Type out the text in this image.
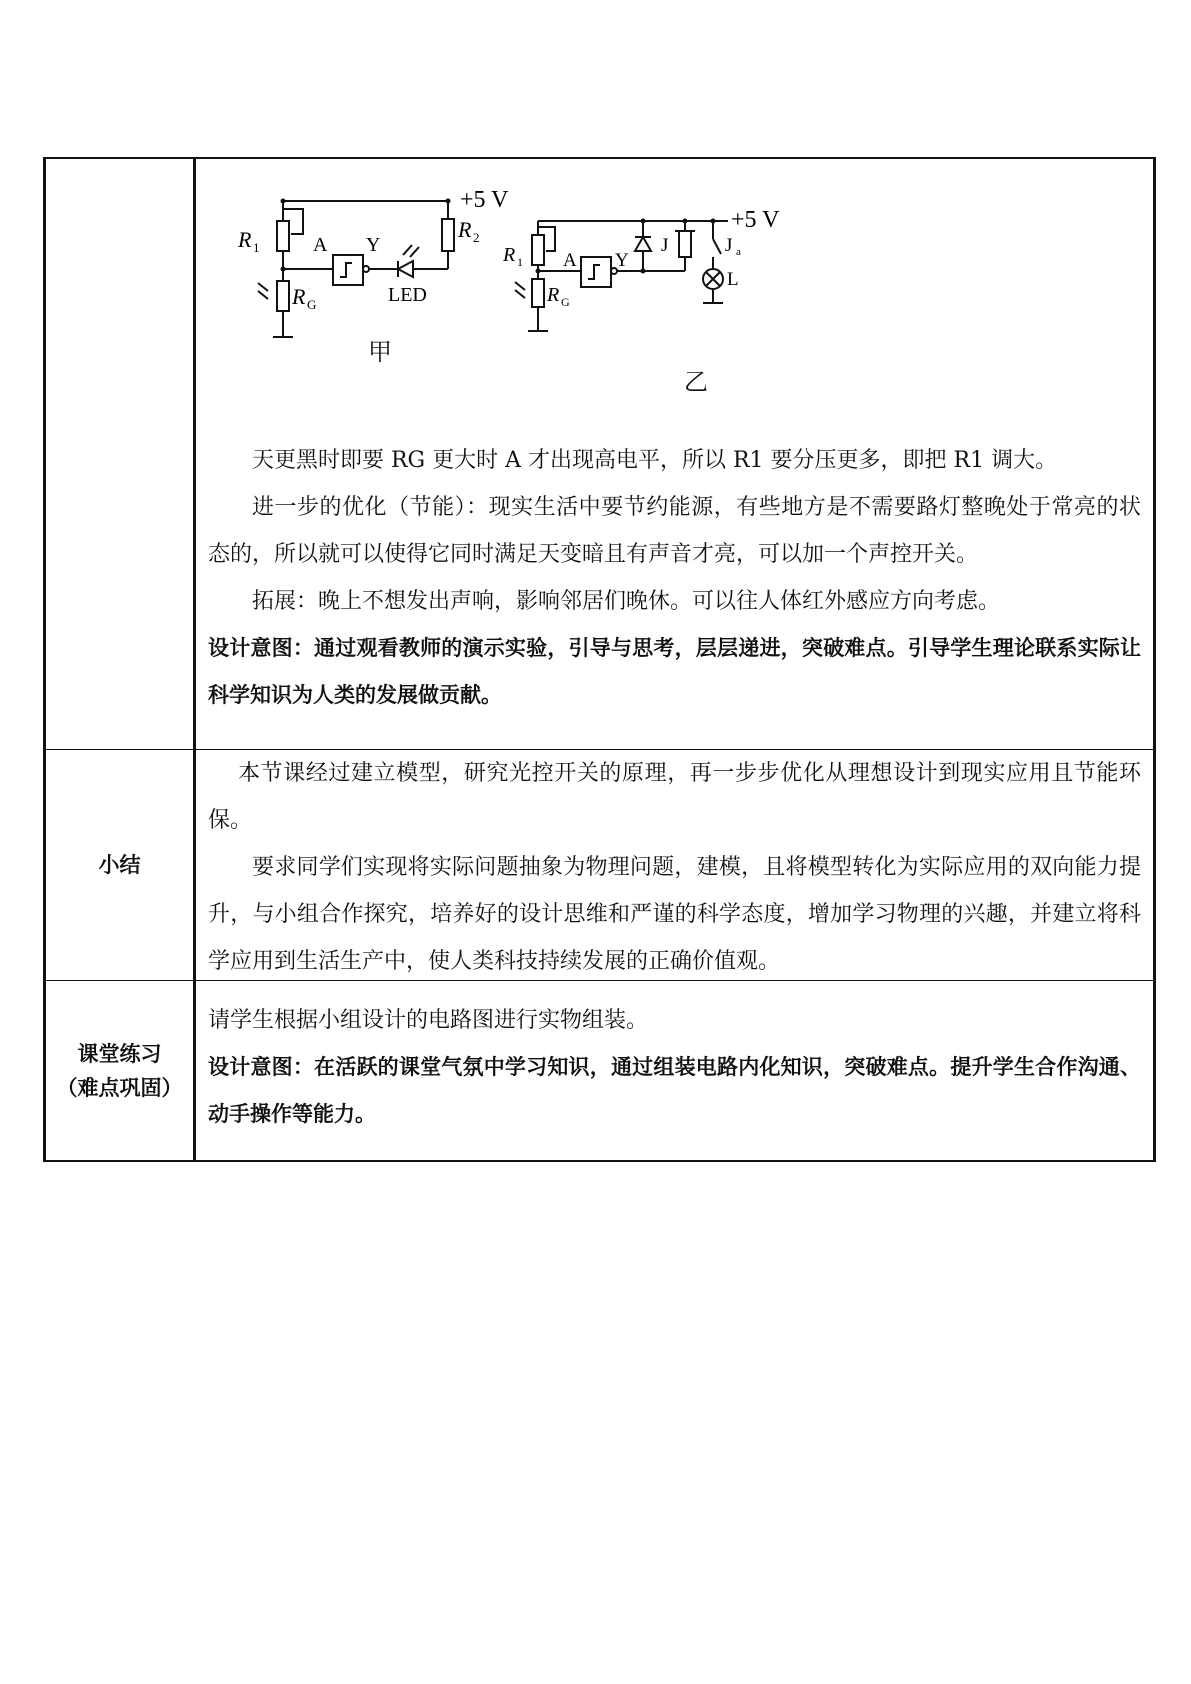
+5 V
R 1
R 2
R G
A Y
LED
甲
+5 V
R 1
R G
A Y
J	J a
L
乙

天更黑时即要 RG 更大时 A 才出现高电平，所以 R1 要分压更多，即把 R1 调大。

进一步的优化（节能）：现实生活中要节约能源，有些地方是不需要路灯整晚处于常亮的状态的，所以就可以使得它同时满足天变暗且有声音才亮，可以加一个声控开关。

拓展：晚上不想发出声响，影响邻居们晚休。可以往人体红外感应方向考虑。

设计意图：通过观看教师的演示实验，引导与思考，层层递进，突破难点。引导学生理论联系实际让科学知识为人类的发展做贡献。

小结

本节课经过建立模型，研究光控开关的原理，再一步步优化从理想设计到现实应用且节能环保。

要求同学们实现将实际问题抽象为物理问题，建模，且将模型转化为实际应用的双向能力提升，与小组合作探究，培养好的设计思维和严谨的科学态度，增加学习物理的兴趣，并建立将科学应用到生活生产中，使人类科技持续发展的正确价值观。

课堂练习
（难点巩固）

请学生根据小组设计的电路图进行实物组装。

设计意图：在活跃的课堂气氛中学习知识，通过组装电路内化知识，突破难点。提升学生合作沟通、动手操作等能力。
